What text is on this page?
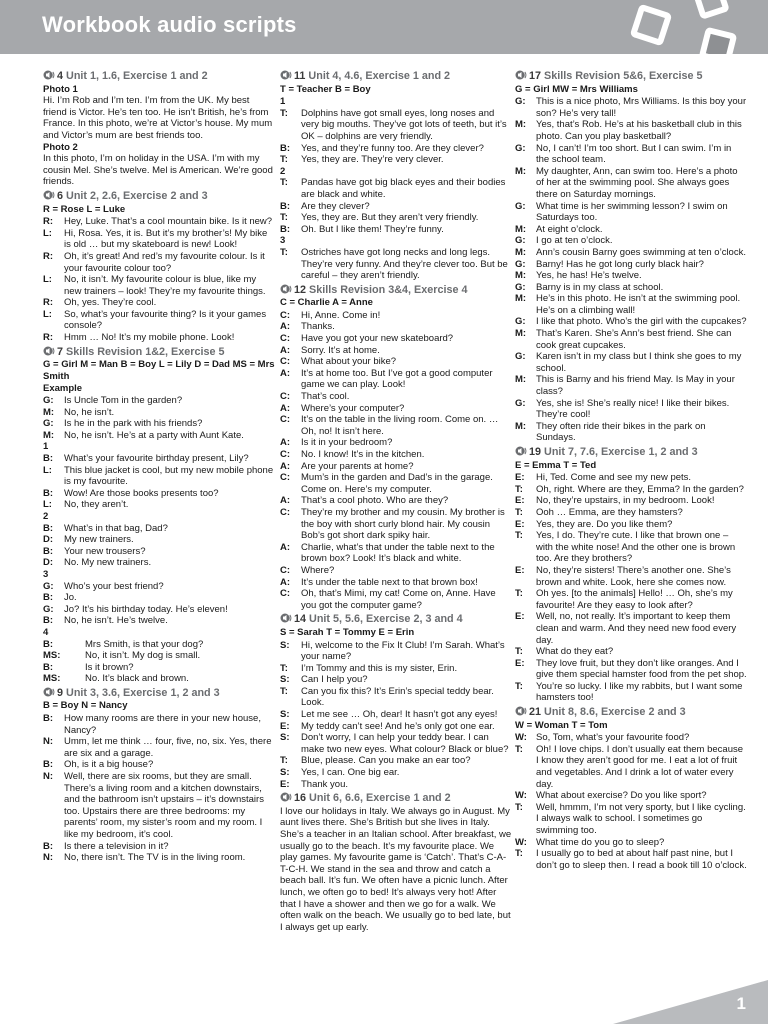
Workbook audio scripts
4 Unit 1, 1.6, Exercise 1 and 2
Photo 1
Hi. I’m Rob and I’m ten. I’m from the UK. My best friend is Victor. He’s ten too. He isn’t British, he’s from France. In this photo, we’re at Victor’s house. My mum and Victor’s mum are best friends too.
Photo 2
In this photo, I’m on holiday in the USA. I’m with my cousin Mel. She’s twelve. Mel is American. We’re good friends.
6 Unit 2, 2.6, Exercise 2 and 3
R = Rose L = Luke
R:	Hey, Luke. That’s a cool mountain bike. Is it new?
L:	Hi, Rosa. Yes, it is. But it’s my brother’s! My bike is old … but my skateboard is new! Look!
R:	Oh, it’s great! And red’s my favourite colour. Is it your favourite colour too?
L:	No, it isn’t. My favourite colour is blue, like my new trainers – look! They’re my favourite things.
R:	Oh, yes. They’re cool.
L:	So, what’s your favourite thing? Is it your games console?
R:	Hmm … No! It’s my mobile phone. Look!
7 Skills Revision 1&2, Exercise 5
G = Girl M = Man B = Boy L = Lily D = Dad MS = Mrs Smith
Example
G:	Is Uncle Tom in the garden?
M:	No, he isn’t.
G:	Is he in the park with his friends?
M:	No, he isn’t. He’s at a party with Aunt Kate.
1
B:	What’s your favourite birthday present, Lily?
L:	This blue jacket is cool, but my new mobile phone is my favourite.
B:	Wow! Are those books presents too?
L:	No, they aren’t.
2
B:	What’s in that bag, Dad?
D:	My new trainers.
B:	Your new trousers?
D:	No. My new trainers.
3
G:	Who’s your best friend?
B:	Jo.
G:	Jo? It’s his birthday today. He’s eleven!
B:	No, he isn’t. He’s twelve.
4
B:	Mrs Smith, is that your dog?
MS:	No, it isn’t. My dog is small.
B:	Is it brown?
MS:	No. It’s black and brown.
9 Unit 3, 3.6, Exercise 1, 2 and 3
B = Boy N = Nancy
B:	How many rooms are there in your new house, Nancy?
N:	Umm, let me think … four, five, no, six. Yes, there are six and a garage.
B:	Oh, is it a big house?
N:	Well, there are six rooms, but they are small. There’s a living room and a kitchen downstairs, and the bathroom isn’t upstairs – it’s downstairs too. Upstairs there are three bedrooms: my parents’ room, my sister’s room and my room. I like my bedroom, it’s cool.
B:	Is there a television in it?
N:	No, there isn’t. The TV is in the living room.
11 Unit 4, 4.6, Exercise 1 and 2
T = Teacher B = Boy
1
T:	Dolphins have got small eyes, long noses and very big mouths. They’ve got lots of teeth, but it’s OK – dolphins are very friendly.
B:	Yes, and they’re funny too. Are they clever?
T:	Yes, they are. They’re very clever.
2
T:	Pandas have got big black eyes and their bodies are black and white.
B:	Are they clever?
T:	Yes, they are. But they aren’t very friendly.
B:	Oh. But I like them! They’re funny.
3
T:	Ostriches have got long necks and long legs. They’re very funny. And they’re clever too. But be careful – they aren’t friendly.
12 Skills Revision 3&4, Exercise 4
C = Charlie A = Anne
C:	Hi, Anne. Come in!
A:	Thanks.
C:	Have you got your new skateboard?
A:	Sorry. It’s at home.
C:	What about your bike?
A:	It’s at home too. But I’ve got a good computer game we can play. Look!
C:	That’s cool.
A:	Where’s your computer?
C:	It’s on the table in the living room. Come on. … Oh, no! It isn’t here.
A:	Is it in your bedroom?
C:	No. I know! It’s in the kitchen.
A:	Are your parents at home?
C:	Mum’s in the garden and Dad’s in the garage. Come on. Here’s my computer.
A:	That’s a cool photo. Who are they?
C:	They’re my brother and my cousin. My brother is the boy with short curly blond hair. My cousin Bob’s got short dark spiky hair.
A:	Charlie, what’s that under the table next to the brown box? Look! It’s black and white.
C:	Where?
A:	It’s under the table next to that brown box!
C:	Oh, that’s Mimi, my cat! Come on, Anne. Have you got the computer game?
14 Unit 5, 5.6, Exercise 2, 3 and 4
S = Sarah T = Tommy E = Erin
S:	Hi, welcome to the Fix It Club! I’m Sarah. What’s your name?
T:	I’m Tommy and this is my sister, Erin.
S:	Can I help you?
T:	Can you fix this? It’s Erin’s special teddy bear. Look.
S:	Let me see … Oh, dear! It hasn’t got any eyes!
E:	My teddy can’t see! And he’s only got one ear.
S:	Don’t worry, I can help your teddy bear. I can make two new eyes. What colour? Black or blue?
T:	Blue, please. Can you make an ear too?
S:	Yes, I can. One big ear.
E:	Thank you.
16 Unit 6, 6.6, Exercise 1 and 2
I love our holidays in Italy. We always go in August. My aunt lives there. She’s British but she lives in Italy. She’s a teacher in an Italian school. After breakfast, we usually go to the beach. It’s my favourite place. We play games. My favourite game is ‘Catch’. That’s C-A-T-C-H. We stand in the sea and throw and catch a beach ball. It’s fun. We often have a picnic lunch. After lunch, we often go to bed! It’s always very hot! After that I have a shower and then we go for a walk. We often walk on the beach. We usually go to bed late, but I always get up early.
17 Skills Revision 5&6, Exercise 5
G = Girl MW = Mrs Williams
G:	This is a nice photo, Mrs Williams. Is this boy your son? He’s very tall!
M:	Yes, that’s Rob. He’s at his basketball club in this photo. Can you play basketball?
G:	No, I can’t! I’m too short. But I can swim. I’m in the school team.
M:	My daughter, Ann, can swim too. Here’s a photo of her at the swimming pool. She always goes there on Saturday mornings.
G:	What time is her swimming lesson? I swim on Saturdays too.
M:	At eight o’clock.
G:	I go at ten o’clock.
M:	Ann’s cousin Barny goes swimming at ten o’clock.
G:	Barny! Has he got long curly black hair?
M:	Yes, he has! He’s twelve.
G:	Barny is in my class at school.
M:	He’s in this photo. He isn’t at the swimming pool. He’s on a climbing wall!
G:	I like that photo. Who’s the girl with the cupcakes?
M:	That’s Karen. She’s Ann’s best friend. She can cook great cupcakes.
G:	Karen isn’t in my class but I think she goes to my school.
M:	This is Barny and his friend May. Is May in your class?
G:	Yes, she is! She’s really nice! I like their bikes. They’re cool!
M:	They often ride their bikes in the park on Sundays.
19 Unit 7, 7.6, Exercise 1, 2 and 3
E = Emma T = Ted
E:	Hi, Ted. Come and see my new pets.
T:	Oh, right. Where are they, Emma? In the garden?
E:	No, they’re upstairs, in my bedroom. Look!
T:	Ooh … Emma, are they hamsters?
E:	Yes, they are. Do you like them?
T:	Yes, I do. They’re cute. I like that brown one – with the white nose! And the other one is brown too. Are they brothers?
E:	No, they’re sisters! There’s another one. She’s brown and white. Look, here she comes now.
T:	Oh yes. [to the animals] Hello! … Oh, she’s my favourite! Are they easy to look after?
E:	Well, no, not really. It’s important to keep them clean and warm. And they need new food every day.
T:	What do they eat?
E:	They love fruit, but they don’t like oranges. And I give them special hamster food from the pet shop.
T:	You’re so lucky. I like my rabbits, but I want some hamsters too!
21 Unit 8, 8.6, Exercise 2 and 3
W = Woman T = Tom
W: So, Tom, what’s your favourite food?
T:	Oh! I love chips. I don’t usually eat them because I know they aren’t good for me. I eat a lot of fruit and vegetables. And I drink a lot of water every day.
W: What about exercise? Do you like sport?
T:	Well, hmmm, I’m not very sporty, but I like cycling. I always walk to school. I sometimes go swimming too.
W: What time do you go to sleep?
T:	I usually go to bed at about half past nine, but I don’t go to sleep then. I read a book till 10 o’clock.
1
